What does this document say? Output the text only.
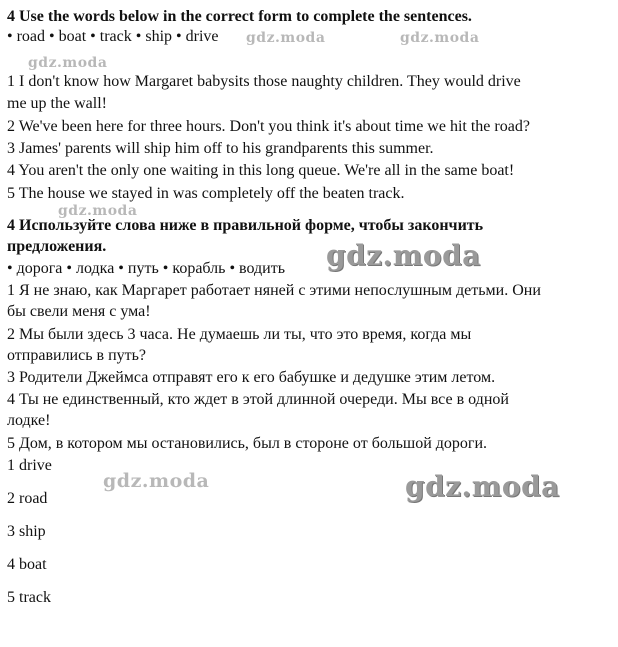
4 Use the words below in the correct form to complete the sentences.
• road • boat • track • ship • drive
1 I don't know how Margaret babysits those naughty children. They would drive
me up the wall!
2 We've been here for three hours. Don't you think it's about time we hit the road?
3 James' parents will ship him off to his grandparents this summer.
4 You aren't the only one waiting in this long queue. We're all in the same boat!
5 The house we stayed in was completely off the beaten track.
4 Используйте слова ниже в правильной форме, чтобы закончить
предложения.
• дорога • лодка • путь • корабль • водить
1 Я не знаю, как Маргарет работает няней с этими непослушным детьми. Они
бы свели меня с ума!
2 Мы были здесь 3 часа. Не думаешь ли ты, что это время, когда мы
отправились в путь?
3 Родители Джеймса отправят его к его бабушке и дедушке этим летом.
4 Ты не единственный, кто ждет в этой длинной очереди. Мы все в одной
лодке!
5 Дом, в котором мы остановились, был в стороне от большой дороги.
1 drive
2 road
3 ship
4 boat
5 track
gdz.moda	gdz.moda
gdz.moda
gdz.moda
gdz.moda
gdz.moda	gdz.moda
